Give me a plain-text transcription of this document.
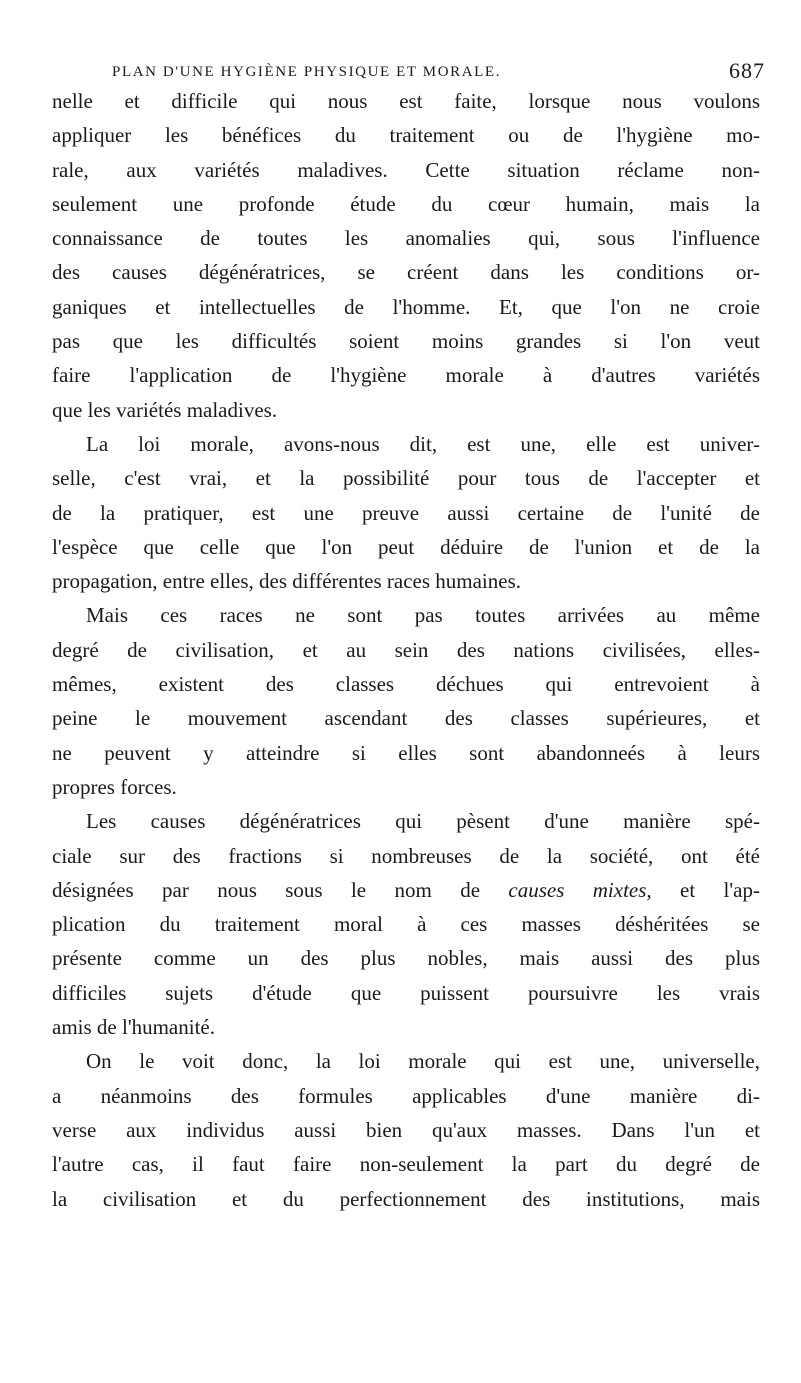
PLAN D'UNE HYGIÈNE PHYSIQUE ET MORALE.	687
nelle et difficile qui nous est faite, lorsque nous voulons
appliquer les bénéfices du traitement ou de l'hygiène mo-
rale, aux variétés maladives. Cette situation réclame non-
seulement une profonde étude du cœur humain, mais la
connaissance de toutes les anomalies qui, sous l'influence
des causes dégénératrices, se créent dans les conditions or-
ganiques et intellectuelles de l'homme. Et, que l'on ne croie
pas que les difficultés soient moins grandes si l'on veut
faire l'application de l'hygiène morale à d'autres variétés
que les variétés maladives.
La loi morale, avons-nous dit, est une, elle est univer-
selle, c'est vrai, et la possibilité pour tous de l'accepter et
de la pratiquer, est une preuve aussi certaine de l'unité de
l'espèce que celle que l'on peut déduire de l'union et de la
propagation, entre elles, des différentes races humaines.
Mais ces races ne sont pas toutes arrivées au même
degré de civilisation, et au sein des nations civilisées, elles-
mêmes, existent des classes déchues qui entrevoient à
peine le mouvement ascendant des classes supérieures, et
ne peuvent y atteindre si elles sont abandonneés à leurs
propres forces.
Les causes dégénératrices qui pèsent d'une manière spé-
ciale sur des fractions si nombreuses de la société, ont été
désignées par nous sous le nom de causes mixtes, et l'ap-
plication du traitement moral à ces masses déshéritées se
présente comme un des plus nobles, mais aussi des plus
difficiles sujets d'étude que puissent poursuivre les vrais
amis de l'humanité.
On le voit donc, la loi morale qui est une, universelle,
a néanmoins des formules applicables d'une manière di-
verse aux individus aussi bien qu'aux masses. Dans l'un et
l'autre cas, il faut faire non-seulement la part du degré de
la civilisation et du perfectionnement des institutions, mais
